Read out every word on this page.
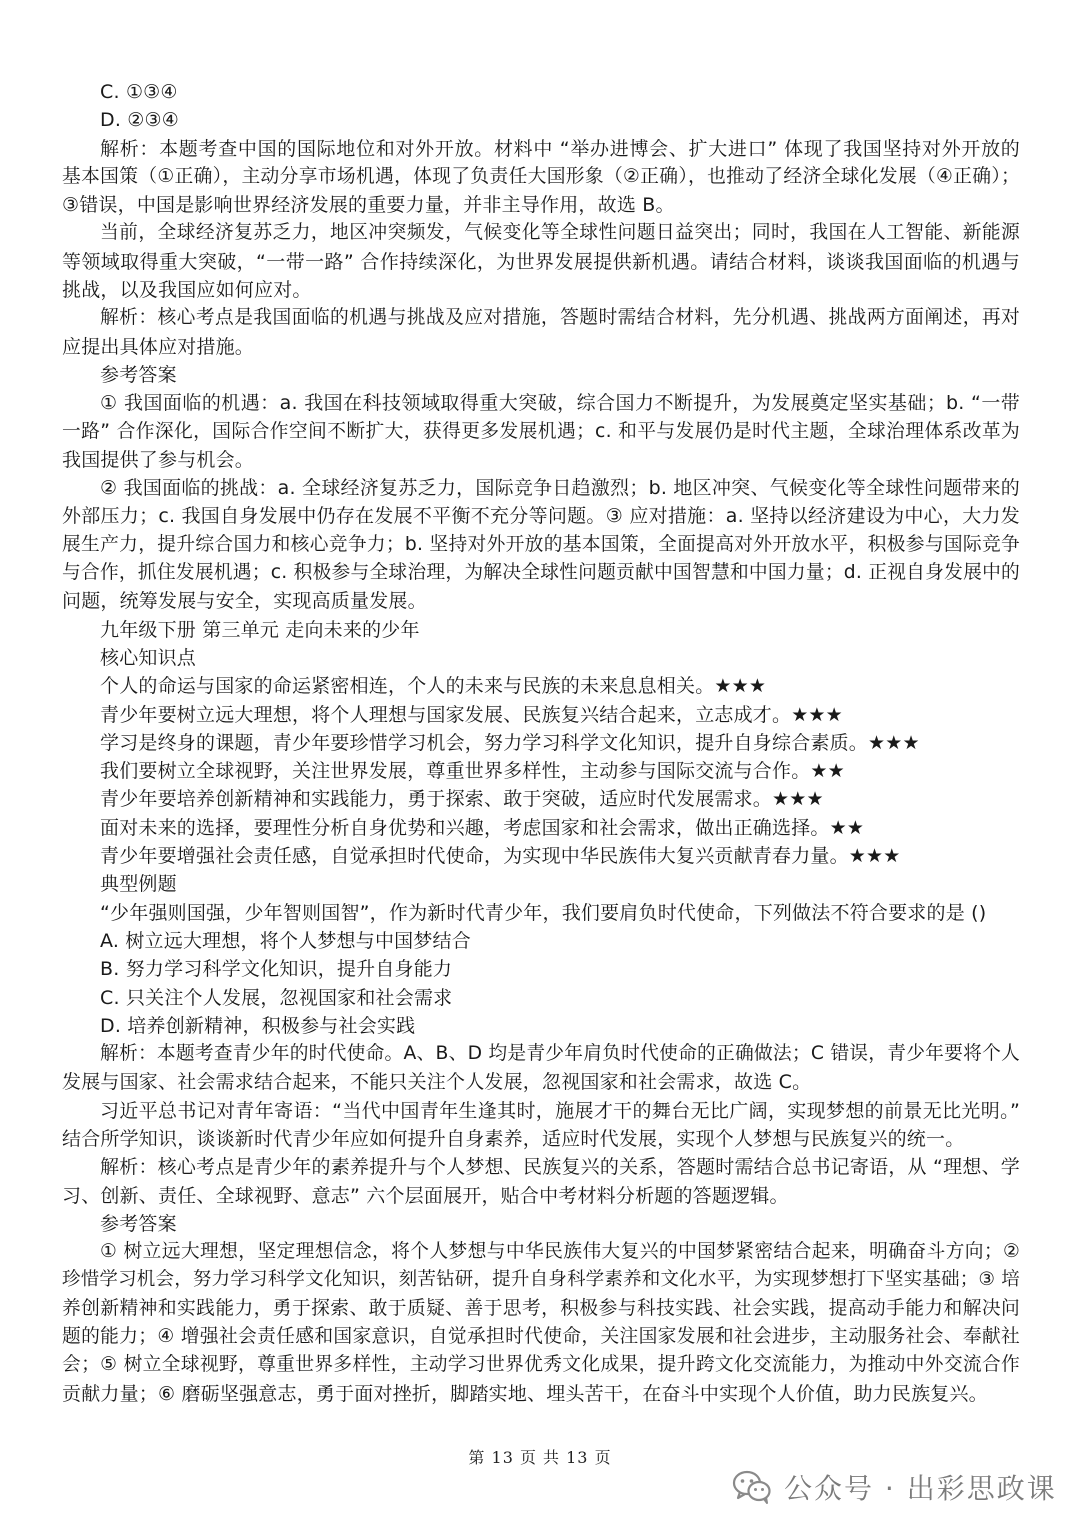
C. ①③④
D. ②③④
解析：本题考查中国的国际地位和对外开放。材料中 “举办进博会、扩大进口” 体现了我国坚持对外开放的
基本国策（①正确），主动分享市场机遇，体现了负责任大国形象（②正确），也推动了经济全球化发展（④正确）；
③错误，中国是影响世界经济发展的重要力量，并非主导作用，故选 B。
当前，全球经济复苏乏力，地区冲突频发，气候变化等全球性问题日益突出；同时，我国在人工智能、新能源
等领域取得重大突破，“一带一路” 合作持续深化，为世界发展提供新机遇。请结合材料，谈谈我国面临的机遇与
挑战，以及我国应如何应对。
解析：核心考点是我国面临的机遇与挑战及应对措施，答题时需结合材料，先分机遇、挑战两方面阐述，再对
应提出具体应对措施。
参考答案
① 我国面临的机遇：a. 我国在科技领域取得重大突破，综合国力不断提升，为发展奠定坚实基础；b. “一带
一路” 合作深化，国际合作空间不断扩大，获得更多发展机遇；c. 和平与发展仍是时代主题，全球治理体系改革为
我国提供了参与机会。
② 我国面临的挑战：a. 全球经济复苏乏力，国际竞争日趋激烈；b. 地区冲突、气候变化等全球性问题带来的
外部压力；c. 我国自身发展中仍存在发展不平衡不充分等问题。③ 应对措施：a. 坚持以经济建设为中心，大力发
展生产力，提升综合国力和核心竞争力；b. 坚持对外开放的基本国策，全面提高对外开放水平，积极参与国际竞争
与合作，抓住发展机遇；c. 积极参与全球治理，为解决全球性问题贡献中国智慧和中国力量；d. 正视自身发展中的
问题，统筹发展与安全，实现高质量发展。
九年级下册 第三单元 走向未来的少年
核心知识点
个人的命运与国家的命运紧密相连，个人的未来与民族的未来息息相关。★★★
青少年要树立远大理想，将个人理想与国家发展、民族复兴结合起来，立志成才。★★★
学习是终身的课题，青少年要珍惜学习机会，努力学习科学文化知识，提升自身综合素质。★★★
我们要树立全球视野，关注世界发展，尊重世界多样性，主动参与国际交流与合作。★★
青少年要培养创新精神和实践能力，勇于探索、敢于突破，适应时代发展需求。★★★
面对未来的选择，要理性分析自身优势和兴趣，考虑国家和社会需求，做出正确选择。★★
青少年要增强社会责任感，自觉承担时代使命，为实现中华民族伟大复兴贡献青春力量。★★★
典型例题
“少年强则国强，少年智则国智”，作为新时代青少年，我们要肩负时代使命，下列做法不符合要求的是 ()
A. 树立远大理想，将个人梦想与中国梦结合
B. 努力学习科学文化知识，提升自身能力
C. 只关注个人发展，忽视国家和社会需求
D. 培养创新精神，积极参与社会实践
解析：本题考查青少年的时代使命。A、B、D 均是青少年肩负时代使命的正确做法；C 错误，青少年要将个人
发展与国家、社会需求结合起来，不能只关注个人发展，忽视国家和社会需求，故选 C。
习近平总书记对青年寄语：“当代中国青年生逢其时，施展才干的舞台无比广阔，实现梦想的前景无比光明。”
结合所学知识，谈谈新时代青少年应如何提升自身素养，适应时代发展，实现个人梦想与民族复兴的统一。
解析：核心考点是青少年的素养提升与个人梦想、民族复兴的关系，答题时需结合总书记寄语，从 “理想、学
习、创新、责任、全球视野、意志” 六个层面展开，贴合中考材料分析题的答题逻辑。
参考答案
① 树立远大理想，坚定理想信念，将个人梦想与中华民族伟大复兴的中国梦紧密结合起来，明确奋斗方向；②
珍惜学习机会，努力学习科学文化知识，刻苦钻研，提升自身科学素养和文化水平，为实现梦想打下坚实基础；③ 培
养创新精神和实践能力，勇于探索、敢于质疑、善于思考，积极参与科技实践、社会实践，提高动手能力和解决问
题的能力；④ 增强社会责任感和国家意识，自觉承担时代使命，关注国家发展和社会进步，主动服务社会、奉献社
会；⑤ 树立全球视野，尊重世界多样性，主动学习世界优秀文化成果，提升跨文化交流能力，为推动中外交流合作
贡献力量；⑥ 磨砺坚强意志，勇于面对挫折，脚踏实地、埋头苦干，在奋斗中实现个人价值，助力民族复兴。
第 13 页 共 13 页
公众号 · 出彩思政课
